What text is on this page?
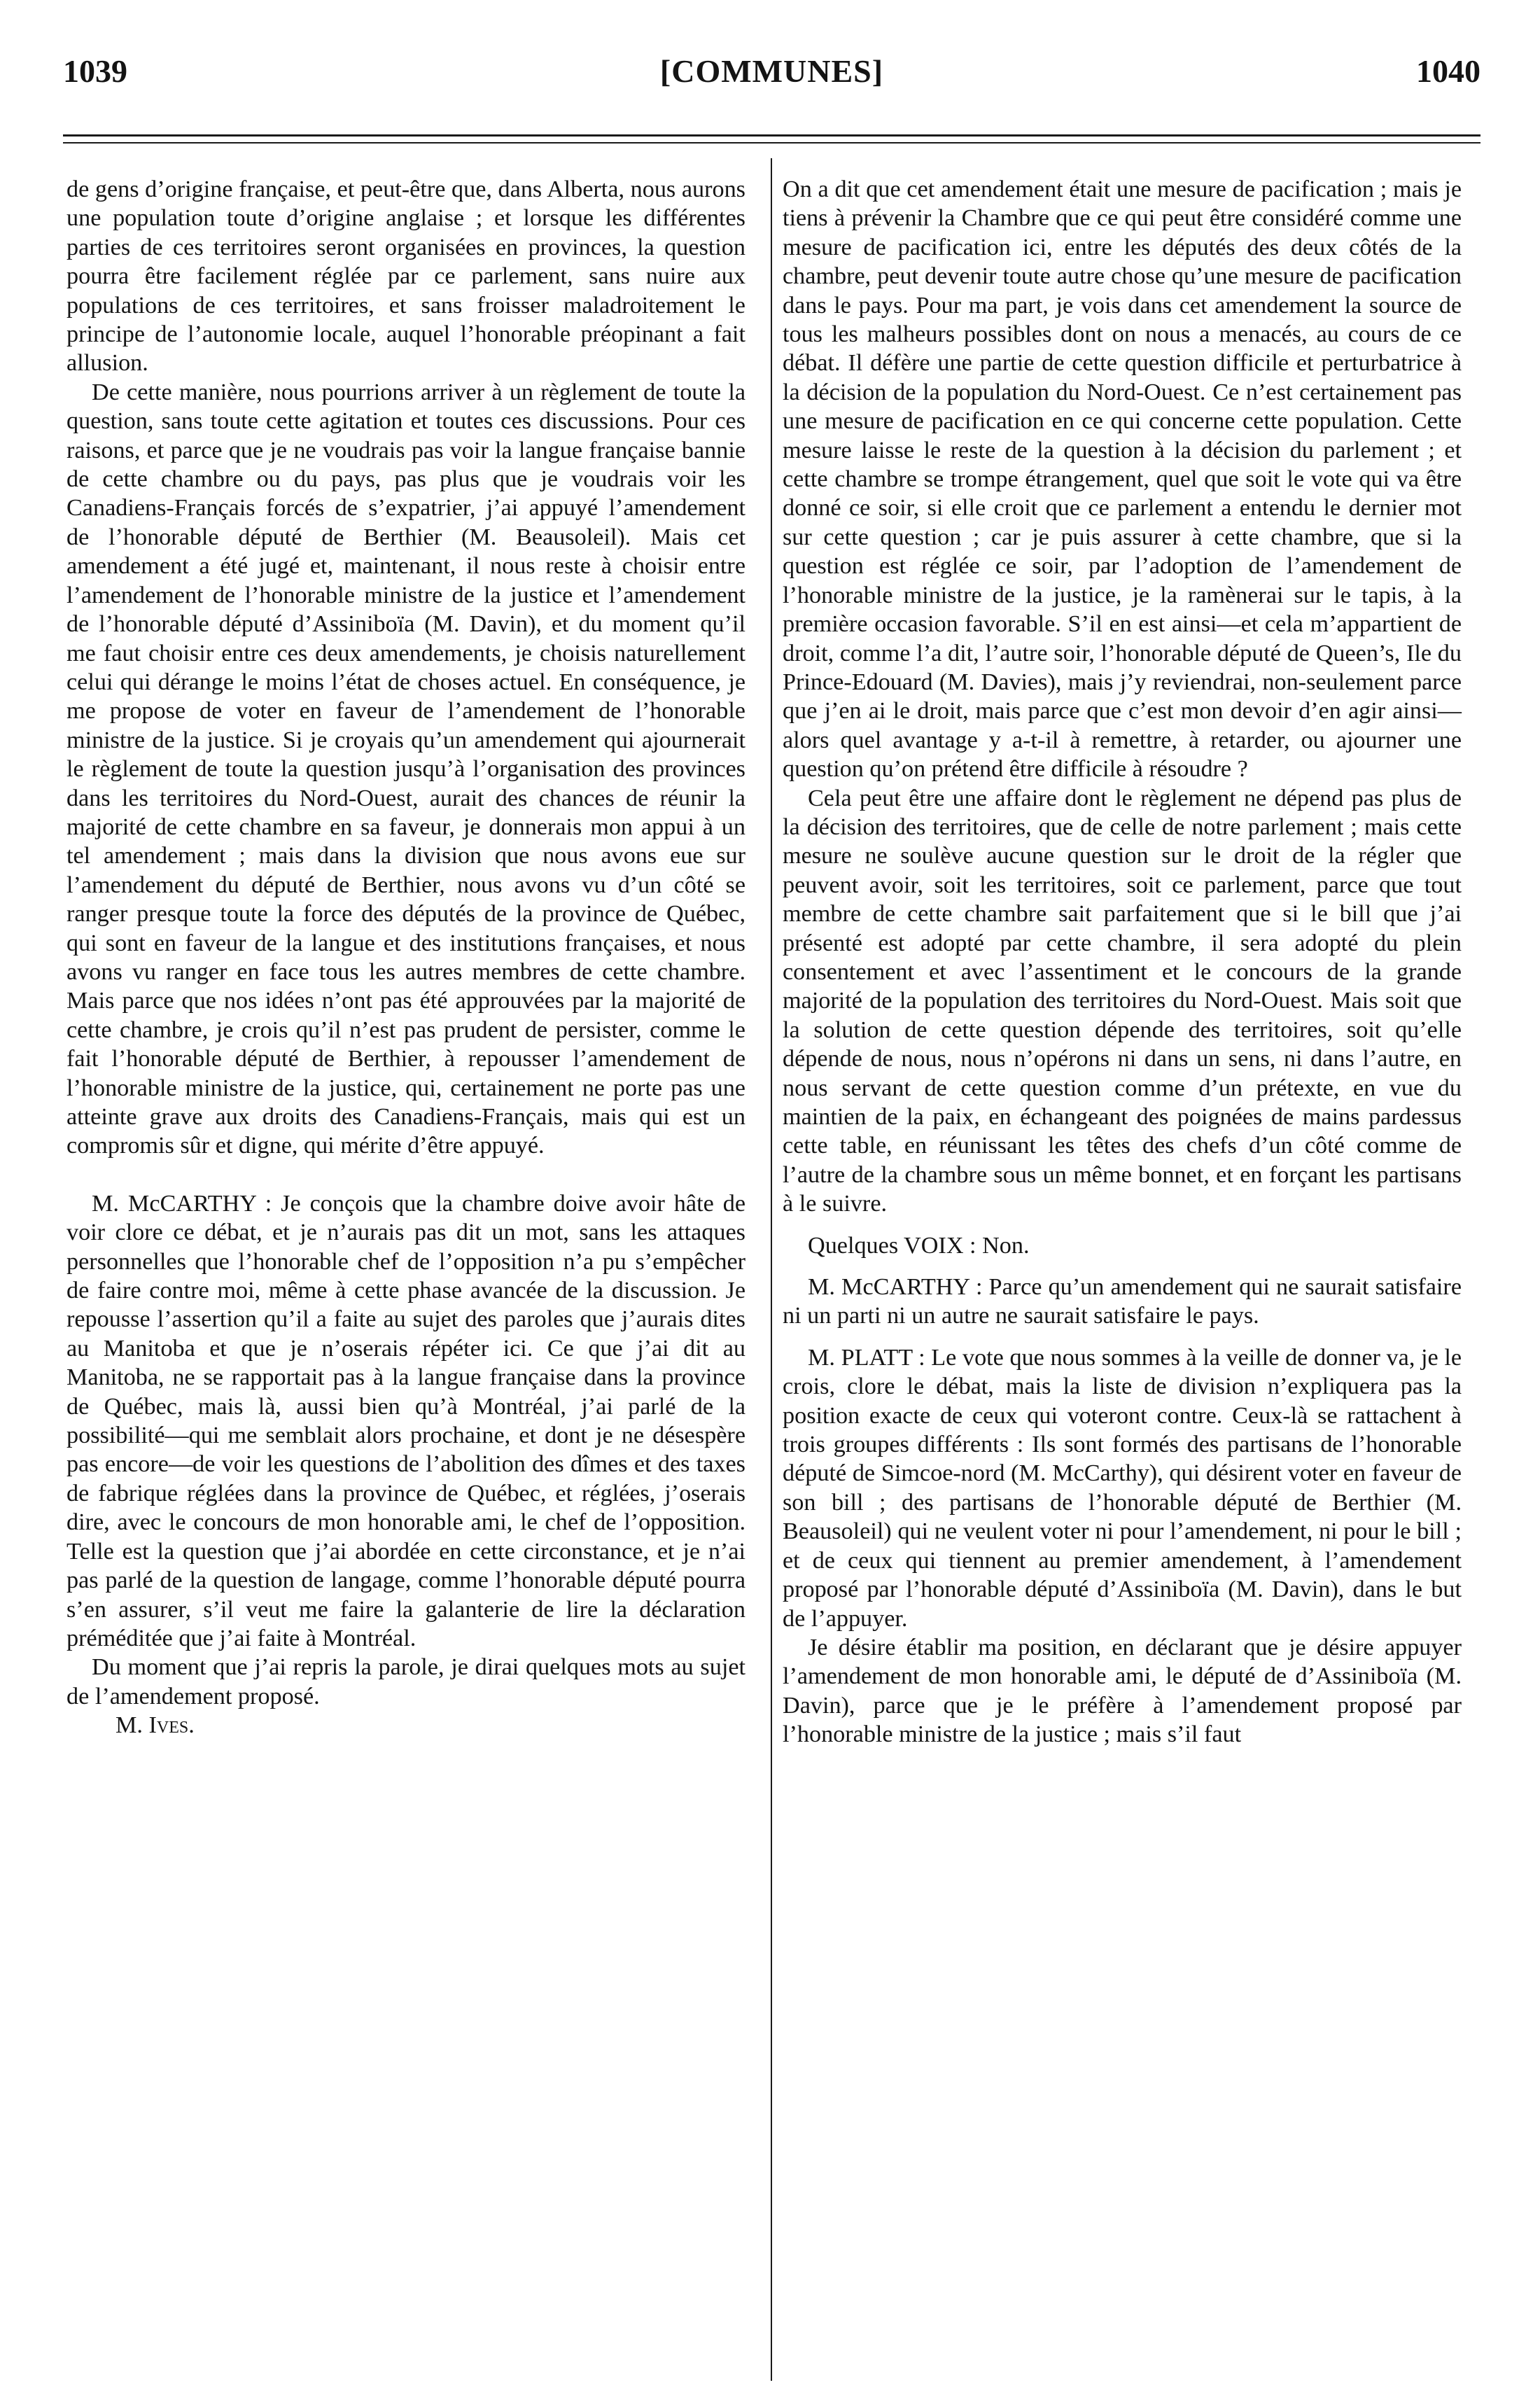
1039	[COMMUNES]	1040

de gens d’origine française, et peut-être que, dans Alberta, nous aurons une population toute d’origine anglaise ; et lorsque les différentes parties de ces territoires seront organisées en provinces, la question pourra être facilement réglée par ce parlement, sans nuire aux populations de ces territoires, et sans froisser maladroitement le principe de l’autonomie locale, auquel l’honorable préopinant a fait allusion.

De cette manière, nous pourrions arriver à un règlement de toute la question, sans toute cette agitation et toutes ces discussions. Pour ces raisons, et parce que je ne voudrais pas voir la langue française bannie de cette chambre ou du pays, pas plus que je voudrais voir les Canadiens-Français forcés de s’expatrier, j’ai appuyé l’amendement de l’honorable député de Berthier (M. Beausoleil). Mais cet amendement a été jugé et, maintenant, il nous reste à choisir entre l’amendement de l’honorable ministre de la justice et l’amendement de l’honorable député d’Assiniboïa (M. Davin), et du moment qu’il me faut choisir entre ces deux amendements, je choisis naturellement celui qui dérange le moins l’état de choses actuel. En conséquence, je me propose de voter en faveur de l’amendement de l’honorable ministre de la justice. Si je croyais qu’un amendement qui ajournerait le règlement de toute la question jusqu’à l’organisation des provinces dans les territoires du Nord-Ouest, aurait des chances de réunir la majorité de cette chambre en sa faveur, je donnerais mon appui à un tel amendement ; mais dans la division que nous avons eue sur l’amendement du député de Berthier, nous avons vu d’un côté se ranger presque toute la force des députés de la province de Québec, qui sont en faveur de la langue et des institutions françaises, et nous avons vu ranger en face tous les autres membres de cette chambre. Mais parce que nos idées n’ont pas été approuvées par la majorité de cette chambre, je crois qu’il n’est pas prudent de persister, comme le fait l’honorable député de Berthier, à repousser l’amendement de l’honorable ministre de la justice, qui, certainement ne porte pas une atteinte grave aux droits des Canadiens-Français, mais qui est un compromis sûr et digne, qui mérite d’être appuyé.

M. McCARTHY : Je conçois que la chambre doive avoir hâte de voir clore ce débat, et je n’aurais pas dit un mot, sans les attaques personnelles que l’honorable chef de l’opposition n’a pu s’empêcher de faire contre moi, même à cette phase avancée de la discussion. Je repousse l’assertion qu’il a faite au sujet des paroles que j’aurais dites au Manitoba et que je n’oserais répéter ici. Ce que j’ai dit au Manitoba, ne se rapportait pas à la langue française dans la province de Québec, mais là, aussi bien qu’à Montréal, j’ai parlé de la possibilité—qui me semblait alors prochaine, et dont je ne désespère pas encore—de voir les questions de l’abolition des dîmes et des taxes de fabrique réglées dans la province de Québec, et réglées, j’oserais dire, avec le concours de mon honorable ami, le chef de l’opposition. Telle est la question que j’ai abordée en cette circonstance, et je n’ai pas parlé de la question de langage, comme l’honorable député pourra s’en assurer, s’il veut me faire la galanterie de lire la déclaration préméditée que j’ai faite à Montréal.

Du moment que j’ai repris la parole, je dirai quelques mots au sujet de l’amendement proposé.

M. Ives.

On a dit que cet amendement était une mesure de pacification ; mais je tiens à prévenir la Chambre que ce qui peut être considéré comme une mesure de pacification ici, entre les députés des deux côtés de la chambre, peut devenir toute autre chose qu’une mesure de pacification dans le pays. Pour ma part, je vois dans cet amendement la source de tous les malheurs possibles dont on nous a menacés, au cours de ce débat. Il défère une partie de cette question difficile et perturbatrice à la décision de la population du Nord-Ouest. Ce n’est certainement pas une mesure de pacification en ce qui concerne cette population. Cette mesure laisse le reste de la question à la décision du parlement ; et cette chambre se trompe étrangement, quel que soit le vote qui va être donné ce soir, si elle croit que ce parlement a entendu le dernier mot sur cette question ; car je puis assurer à cette chambre, que si la question est réglée ce soir, par l’adoption de l’amendement de l’honorable ministre de la justice, je la ramènerai sur le tapis, à la première occasion favorable. S’il en est ainsi—et cela m’appartient de droit, comme l’a dit, l’autre soir, l’honorable député de Queen’s, Ile du Prince-Edouard (M. Davies), mais j’y reviendrai, non-seulement parce que j’en ai le droit, mais parce que c’est mon devoir d’en agir ainsi—alors quel avantage y a-t-il à remettre, à retarder, ou ajourner une question qu’on prétend être difficile à résoudre ?

Cela peut être une affaire dont le règlement ne dépend pas plus de la décision des territoires, que de celle de notre parlement ; mais cette mesure ne soulève aucune question sur le droit de la régler que peuvent avoir, soit les territoires, soit ce parlement, parce que tout membre de cette chambre sait parfaitement que si le bill que j’ai présenté est adopté par cette chambre, il sera adopté du plein consentement et avec l’assentiment et le concours de la grande majorité de la population des territoires du Nord-Ouest. Mais soit que la solution de cette question dépende des territoires, soit qu’elle dépende de nous, nous n’opérons ni dans un sens, ni dans l’autre, en nous servant de cette question comme d’un prétexte, en vue du maintien de la paix, en échangeant des poignées de mains pardessus cette table, en réunissant les têtes des chefs d’un côté comme de l’autre de la chambre sous un même bonnet, et en forçant les partisans à le suivre.

Quelques VOIX : Non.

M. McCARTHY : Parce qu’un amendement qui ne saurait satisfaire ni un parti ni un autre ne saurait satisfaire le pays.

M. PLATT : Le vote que nous sommes à la veille de donner va, je le crois, clore le débat, mais la liste de division n’expliquera pas la position exacte de ceux qui voteront contre. Ceux-là se rattachent à trois groupes différents : Ils sont formés des partisans de l’honorable député de Simcoe-nord (M. McCarthy), qui désirent voter en faveur de son bill ; des partisans de l’honorable député de Berthier (M. Beausoleil) qui ne veulent voter ni pour l’amendement, ni pour le bill ; et de ceux qui tiennent au premier amendement, à l’amendement proposé par l’honorable député d’Assiniboïa (M. Davin), dans le but de l’appuyer.

Je désire établir ma position, en déclarant que je désire appuyer l’amendement de mon honorable ami, le député de d’Assiniboïa (M. Davin), parce que je le préfère à l’amendement proposé par l’honorable ministre de la justice ; mais s’il faut
